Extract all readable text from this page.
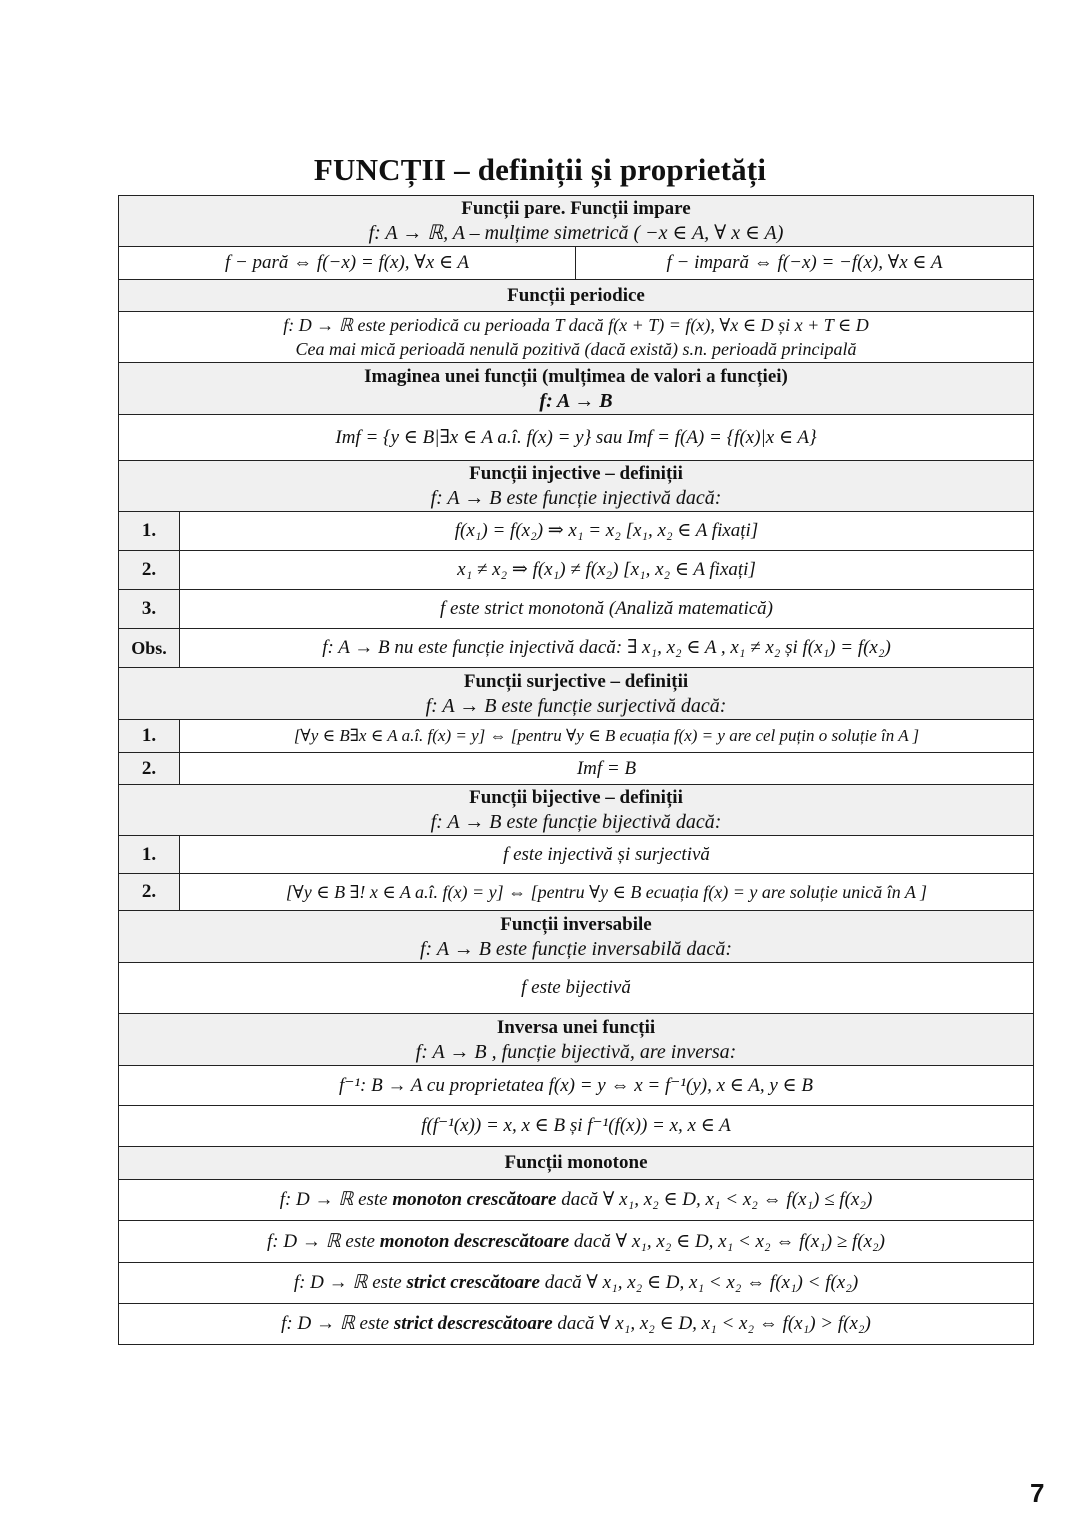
FUNCȚII – definiții și proprietăți
Funcții pare. Funcții impare
f: A → ℝ, A – mulțime simetrică ( −x ∈ A, ∀ x ∈ A)		

f − pară ⇔ f(−x) = f(x), ∀x ∈ A		f − impară ⇔ f(−x) = −f(x), ∀x ∈ A

Funcții periodice		

f: D → ℝ este periodică cu perioada T dacă f(x + T) = f(x), ∀x ∈ D și x + T ∈ D
Cea mai mică perioadă nenulă pozitivă (dacă există) s.n. perioadă principală		

Imaginea unei funcții (mulțimea de valori a funcției)
f: A → B		

Imf = {y ∈ B|∃x ∈ A a.î. f(x) = y} sau Imf = f(A) = {f(x)|x ∈ A}		

Funcții injective – definiții
f: A → B este funcție injectivă dacă:		

1.	f(x₁) = f(x₂) ⇒ x₁ = x₂ [x₁, x₂ ∈ A fixați]	
2.	x₁ ≠ x₂ ⇒ f(x₁) ≠ f(x₂) [x₁, x₂ ∈ A fixați]	
3.	f este strict monotonă (Analiză matematică)	
Obs.	f: A → B nu este funcție injectivă dacă: ∃ x₁, x₂ ∈ A , x₁ ≠ x₂ și f(x₁) = f(x₂)	

Funcții surjective – definiții
f: A → B este funcție surjectivă dacă:		

1.	[∀y ∈ B∃x ∈ A a.î. f(x) = y] ⇔ [pentru ∀y ∈ B ecuația f(x) = y are cel puțin o soluție în A ]	
2.	Imf = B	

Funcții bijective – definiții
f: A → B este funcție bijectivă dacă:		

1.	f este injectivă și surjectivă	
2.	[∀y ∈ B ∃! x ∈ A a.î. f(x) = y] ⇔ [pentru ∀y ∈ B ecuația f(x) = y are soluție unică în A ]	

Funcții inversabile
f: A → B este funcție inversabilă dacă:		

f este bijectivă		

Inversa unei funcții
f: A → B , funcție bijectivă, are inversa:		

f⁻¹: B → A cu proprietatea f(x) = y ⇔ x = f⁻¹(y), x ∈ A, y ∈ B		
f(f⁻¹(x)) = x, x ∈ B și f⁻¹(f(x)) = x, x ∈ A		

Funcții monotone		

f: D → ℝ este monoton crescătoare dacă ∀ x₁, x₂ ∈ D, x₁ < x₂ ⇔ f(x₁) ≤ f(x₂)		
f: D → ℝ este monoton descrescătoare dacă ∀ x₁, x₂ ∈ D, x₁ < x₂ ⇔ f(x₁) ≥ f(x₂)		
f: D → ℝ este strict crescătoare dacă ∀ x₁, x₂ ∈ D, x₁ < x₂ ⇔ f(x₁) < f(x₂)		
f: D → ℝ este strict descrescătoare dacă ∀ x₁, x₂ ∈ D, x₁ < x₂ ⇔ f(x₁) > f(x₂)		
7
